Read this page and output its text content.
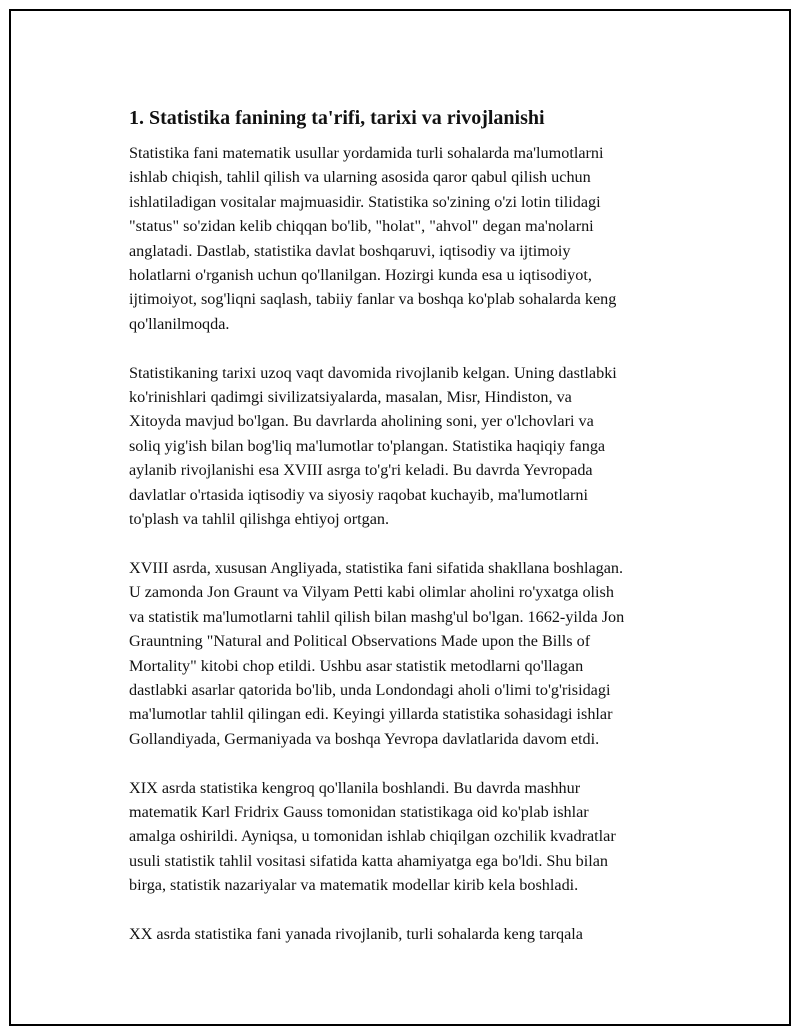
1. Statistika fanining ta'rifi, tarixi va rivojlanishi

Statistika fani matematik usullar yordamida turli sohalarda ma'lumotlarni
ishlab chiqish, tahlil qilish va ularning asosida qaror qabul qilish uchun
ishlatiladigan vositalar majmuasidir. Statistika so'zining o'zi lotin tilidagi
"status" so'zidan kelib chiqqan bo'lib, "holat", "ahvol" degan ma'nolarni
anglatadi. Dastlab, statistika davlat boshqaruvi, iqtisodiy va ijtimoiy
holatlarni o'rganish uchun qo'llanilgan. Hozirgi kunda esa u iqtisodiyot,
ijtimoiyot, sog'liqni saqlash, tabiiy fanlar va boshqa ko'plab sohalarda keng
qo'llanilmoqda.

Statistikaning tarixi uzoq vaqt davomida rivojlanib kelgan. Uning dastlabki
ko'rinishlari qadimgi sivilizatsiyalarda, masalan, Misr, Hindiston, va
Xitoyda mavjud bo'lgan. Bu davrlarda aholining soni, yer o'lchovlari va
soliq yig'ish bilan bog'liq ma'lumotlar to'plangan. Statistika haqiqiy fanga
aylanib rivojlanishi esa XVIII asrga to'g'ri keladi. Bu davrda Yevropada
davlatlar o'rtasida iqtisodiy va siyosiy raqobat kuchayib, ma'lumotlarni
to'plash va tahlil qilishga ehtiyoj ortgan.

XVIII asrda, xususan Angliyada, statistika fani sifatida shakllana boshlagan.
U zamonda Jon Graunt va Vilyam Petti kabi olimlar aholini ro'yxatga olish
va statistik ma'lumotlarni tahlil qilish bilan mashg'ul bo'lgan. 1662-yilda Jon
Grauntning "Natural and Political Observations Made upon the Bills of
Mortality" kitobi chop etildi. Ushbu asar statistik metodlarni qo'llagan
dastlabki asarlar qatorida bo'lib, unda Londondagi aholi o'limi to'g'risidagi
ma'lumotlar tahlil qilingan edi. Keyingi yillarda statistika sohasidagi ishlar
Gollandiyada, Germaniyada va boshqa Yevropa davlatlarida davom etdi.

XIX asrda statistika kengroq qo'llanila boshlandi. Bu davrda mashhur
matematik Karl Fridrix Gauss tomonidan statistikaga oid ko'plab ishlar
amalga oshirildi. Ayniqsa, u tomonidan ishlab chiqilgan ozchilik kvadratlar
usuli statistik tahlil vositasi sifatida katta ahamiyatga ega bo'ldi. Shu bilan
birga, statistik nazariyalar va matematik modellar kirib kela boshladi.

XX asrda statistika fani yanada rivojlanib, turli sohalarda keng tarqala
